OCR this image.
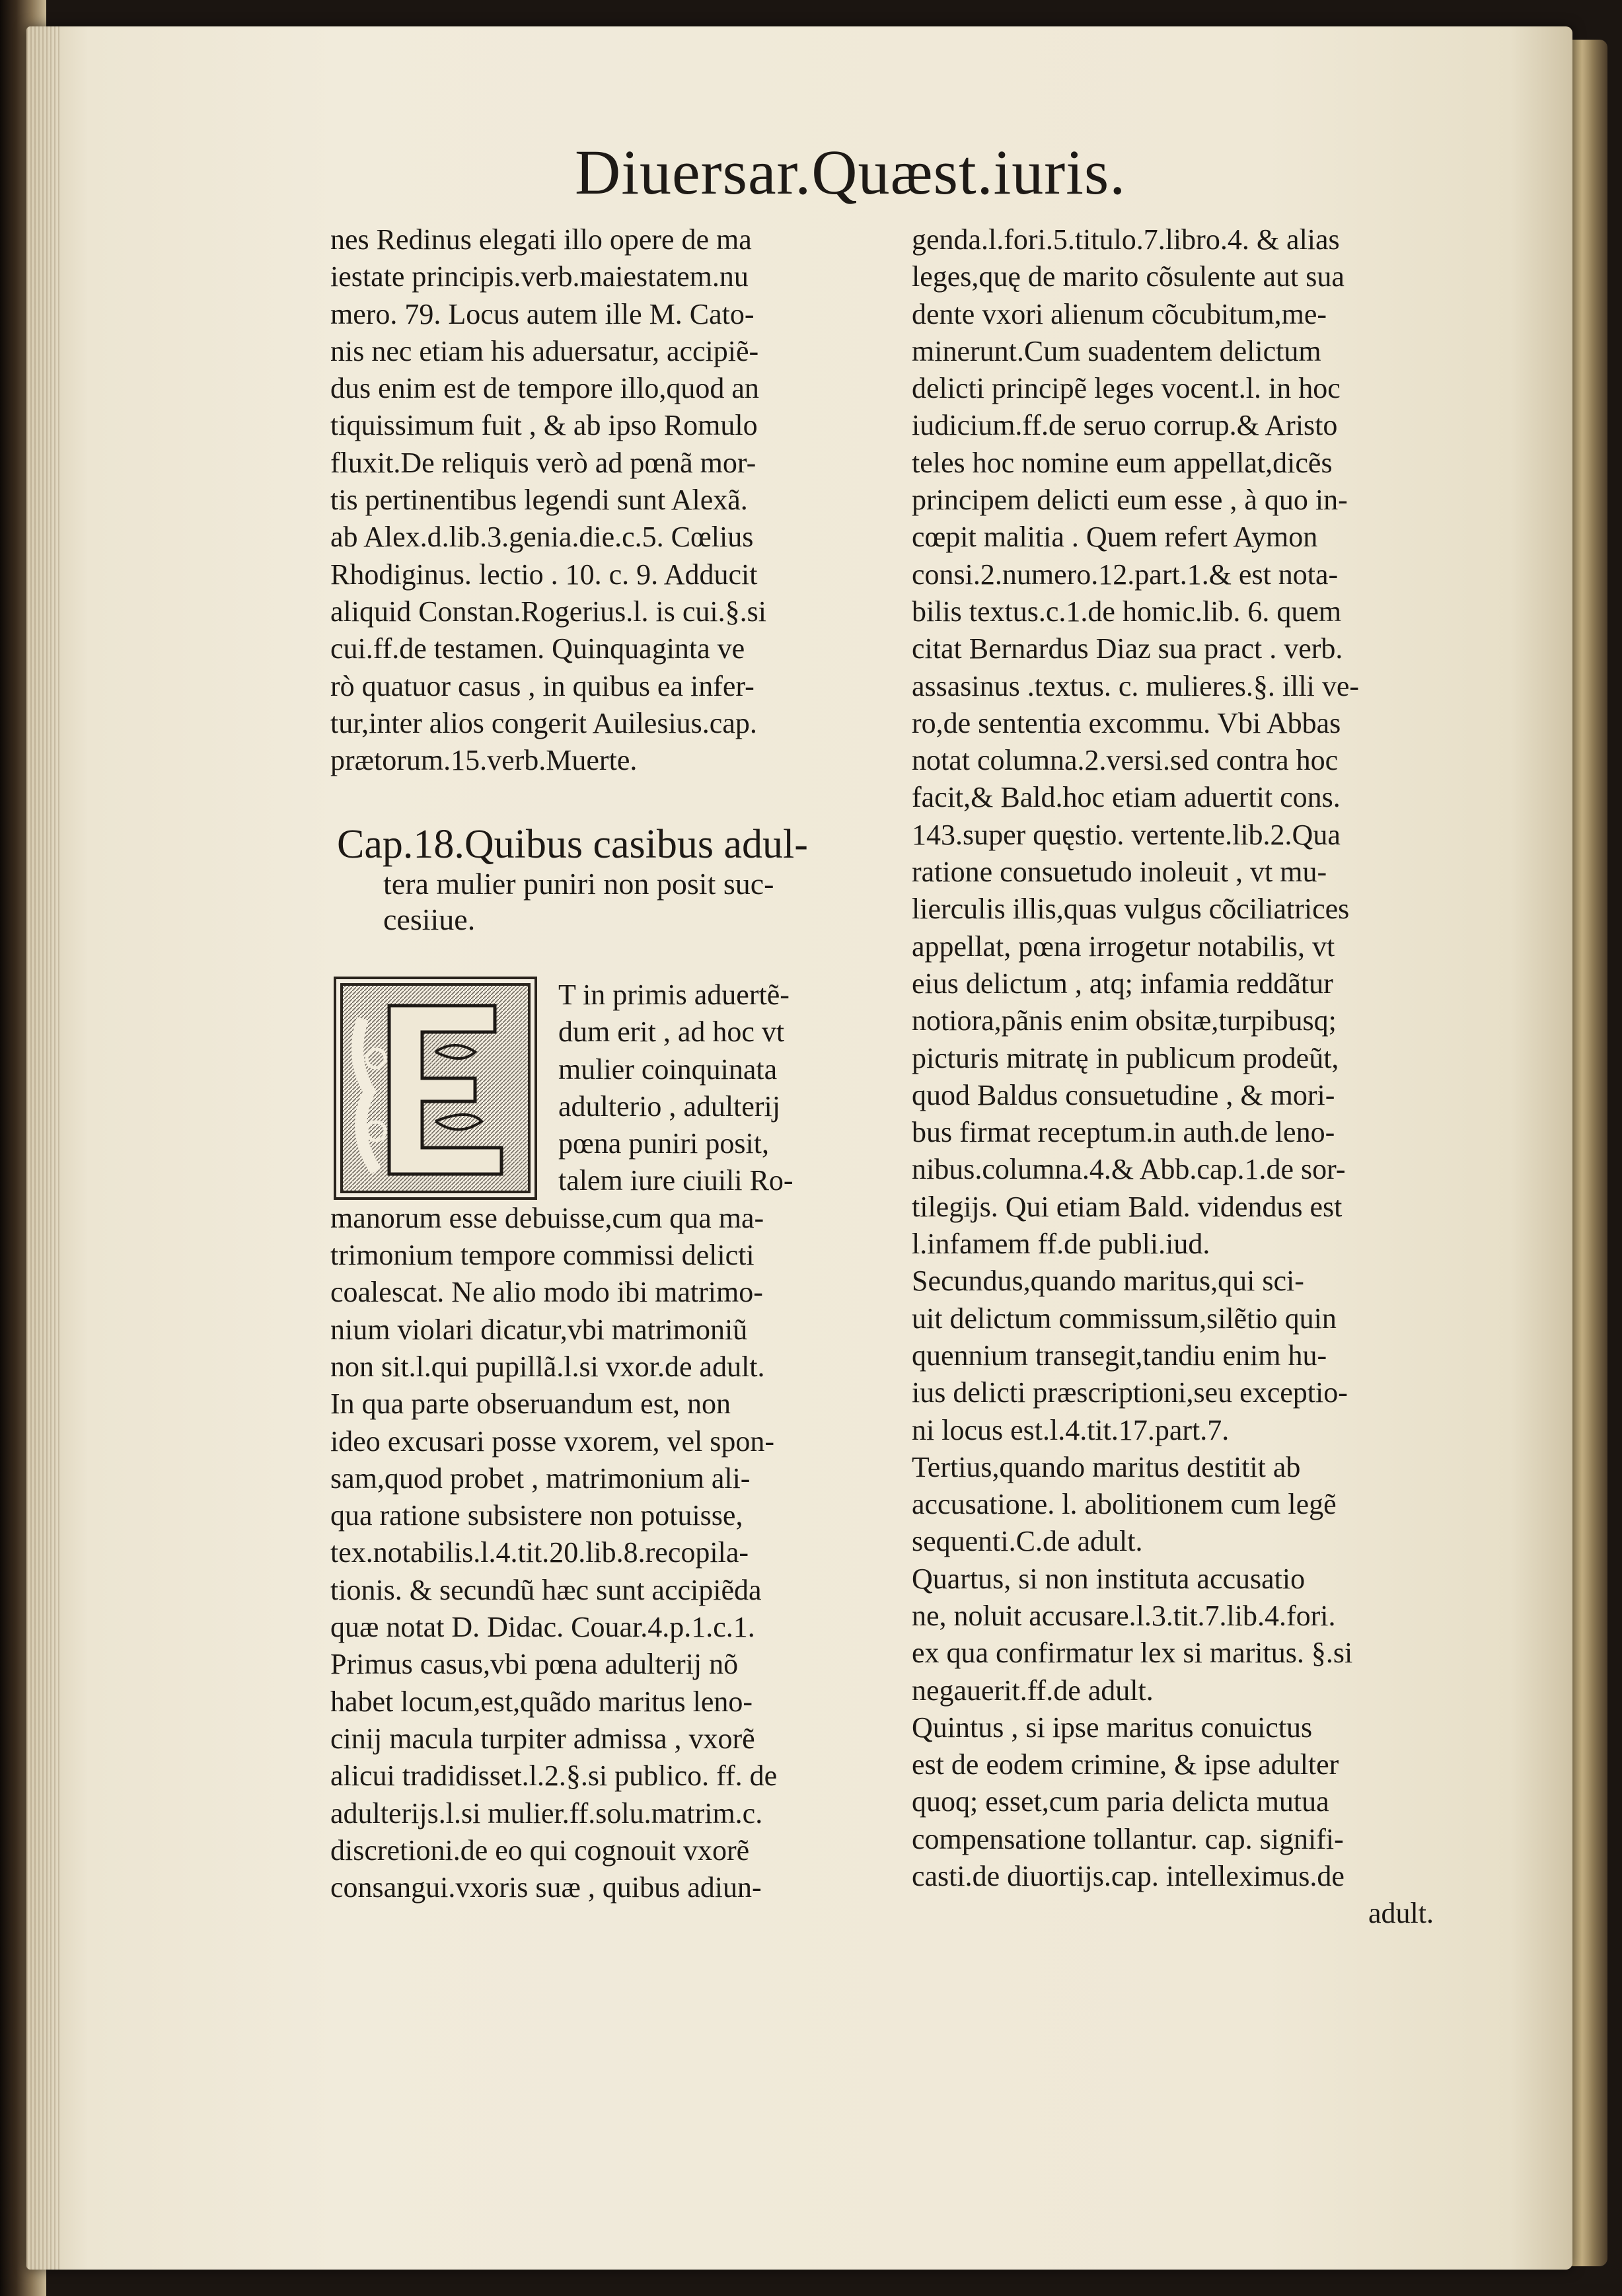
Diuersar.Quæst.iuris.
nes Redinus elegati illo opere de ma
iestate principis.verb.maiestatem.nu
mero. 79. Locus autem ille M. Cato-
nis nec etiam his aduersatur, accipiẽ-
dus enim est de tempore illo,quod an
tiquissimum fuit , & ab ipso Romulo
fluxit.De reliquis verò ad pœnã mor-
tis pertinentibus legendi sunt Alexã.
ab Alex.d.lib.3.genia.die.c.5. Cœlius
Rhodiginus. lectio . 10. c. 9. Adducit
aliquid Constan.Rogerius.l. is cui.§.si
cui.ff.de testamen. Quinquaginta ve
rò quatuor casus , in quibus ea infer-
tur,inter alios congerit Auilesius.cap.
prætorum.15.verb.Muerte.
Cap.18.Quibus casibus adul-
tera mulier puniri non posit suc-
cesiiue.
T in primis aduertẽ-
dum erit , ad hoc vt
mulier coinquinata
adulterio , adulterij
pœna puniri posit,
talem iure ciuili Ro-
manorum esse debuisse,cum qua ma-
trimonium tempore commissi delicti
coalescat. Ne alio modo ibi matrimo-
nium violari dicatur,vbi matrimoniũ
non sit.l.qui pupillã.l.si vxor.de adult.
In qua parte obseruandum est, non
ideo excusari posse vxorem, vel spon-
sam,quod probet , matrimonium ali-
qua ratione subsistere non potuisse,
tex.notabilis.l.4.tit.20.lib.8.recopila-
tionis. & secundũ hæc sunt accipiẽda
quæ notat D. Didac. Couar.4.p.1.c.1.
Primus casus,vbi pœna adulterij nõ
habet locum,est,quãdo maritus leno-
cinij macula turpiter admissa , vxorẽ
alicui tradidisset.l.2.§.si publico. ff. de
adulterijs.l.si mulier.ff.solu.matrim.c.
discretioni.de eo qui cognouit vxorẽ
consangui.vxoris suæ , quibus adiun-
genda.l.fori.5.titulo.7.libro.4. & alias
leges,quę de marito cõsulente aut sua
dente vxori alienum cõcubitum,me-
minerunt.Cum suadentem delictum
delicti principẽ leges vocent.l. in hoc
iudicium.ff.de seruo corrup.& Aristo
teles hoc nomine eum appellat,dicẽs
principem delicti eum esse , à quo in-
cœpit malitia . Quem refert Aymon
consi.2.numero.12.part.1.& est nota-
bilis textus.c.1.de homic.lib. 6. quem
citat Bernardus Diaz sua pract . verb.
assasinus .textus. c. mulieres.§. illi ve-
ro,de sententia excommu. Vbi Abbas
notat columna.2.versi.sed contra hoc
facit,& Bald.hoc etiam aduertit cons.
143.super quęstio. vertente.lib.2.Qua
ratione consuetudo inoleuit , vt mu-
lierculis illis,quas vulgus cõciliatrices
appellat, pœna irrogetur notabilis, vt
eius delictum , atq; infamia reddãtur
notiora,pãnis enim obsitæ,turpibusq;
picturis mitratę in publicum prodeũt,
quod Baldus consuetudine , & mori-
bus firmat receptum.in auth.de leno-
nibus.columna.4.& Abb.cap.1.de sor-
tilegijs. Qui etiam Bald. videndus est
l.infamem ff.de publi.iud.
Secundus,quando maritus,qui sci-
uit delictum commissum,silẽtio quin
quennium transegit,tandiu enim hu-
ius delicti præscriptioni,seu exceptio-
ni locus est.l.4.tit.17.part.7.
Tertius,quando maritus destitit ab
accusatione. l. abolitionem cum legẽ
sequenti.C.de adult.
Quartus, si non instituta accusatio
ne, noluit accusare.l.3.tit.7.lib.4.fori.
ex qua confirmatur lex si maritus. §.si
negauerit.ff.de adult.
Quintus , si ipse maritus conuictus
est de eodem crimine, & ipse adulter
quoq; esset,cum paria delicta mutua
compensatione tollantur. cap. signifi-
casti.de diuortijs.cap. intelleximus.de
adult.
